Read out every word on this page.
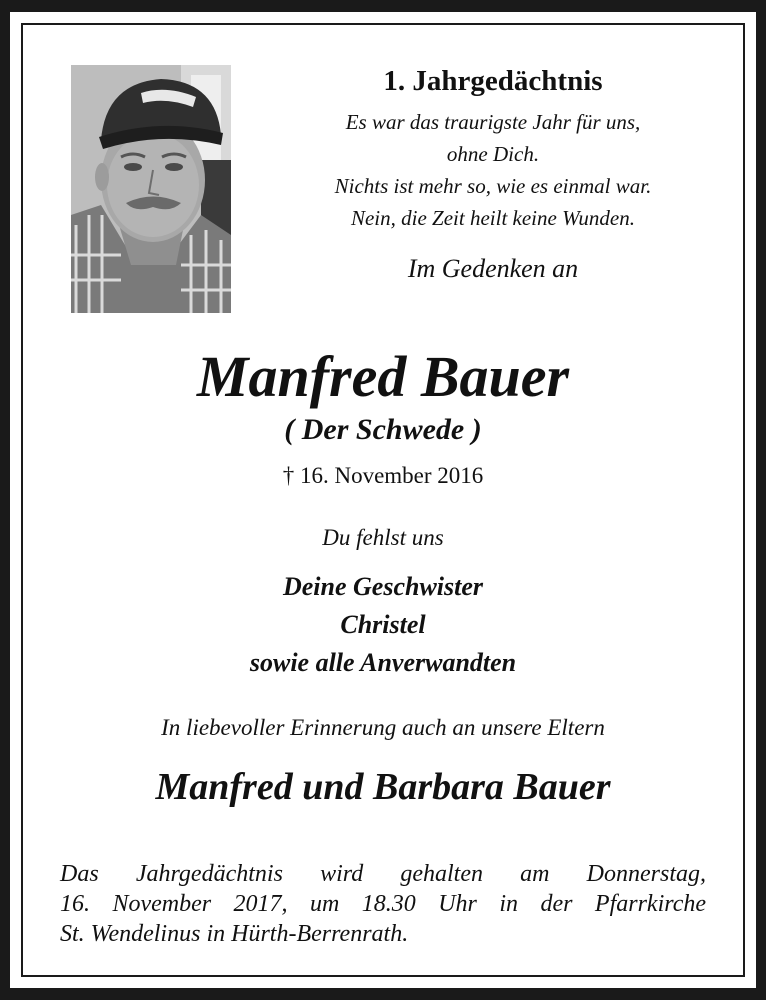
1. Jahrgedächtnis
Es war das traurigste Jahr für uns,
ohne Dich.
Nichts ist mehr so, wie es einmal war.
Nein, die Zeit heilt keine Wunden.
Im Gedenken an
Manfred Bauer
( Der Schwede )
† 16. November 2016
Du fehlst uns
Deine Geschwister
Christel
sowie alle Anverwandten
In liebevoller Erinnerung auch an unsere Eltern
Manfred und Barbara Bauer
Das Jahrgedächtnis wird gehalten am Donnerstag,
16. November 2017, um 18.30 Uhr in der Pfarrkirche
St. Wendelinus in Hürth-Berrenrath.
